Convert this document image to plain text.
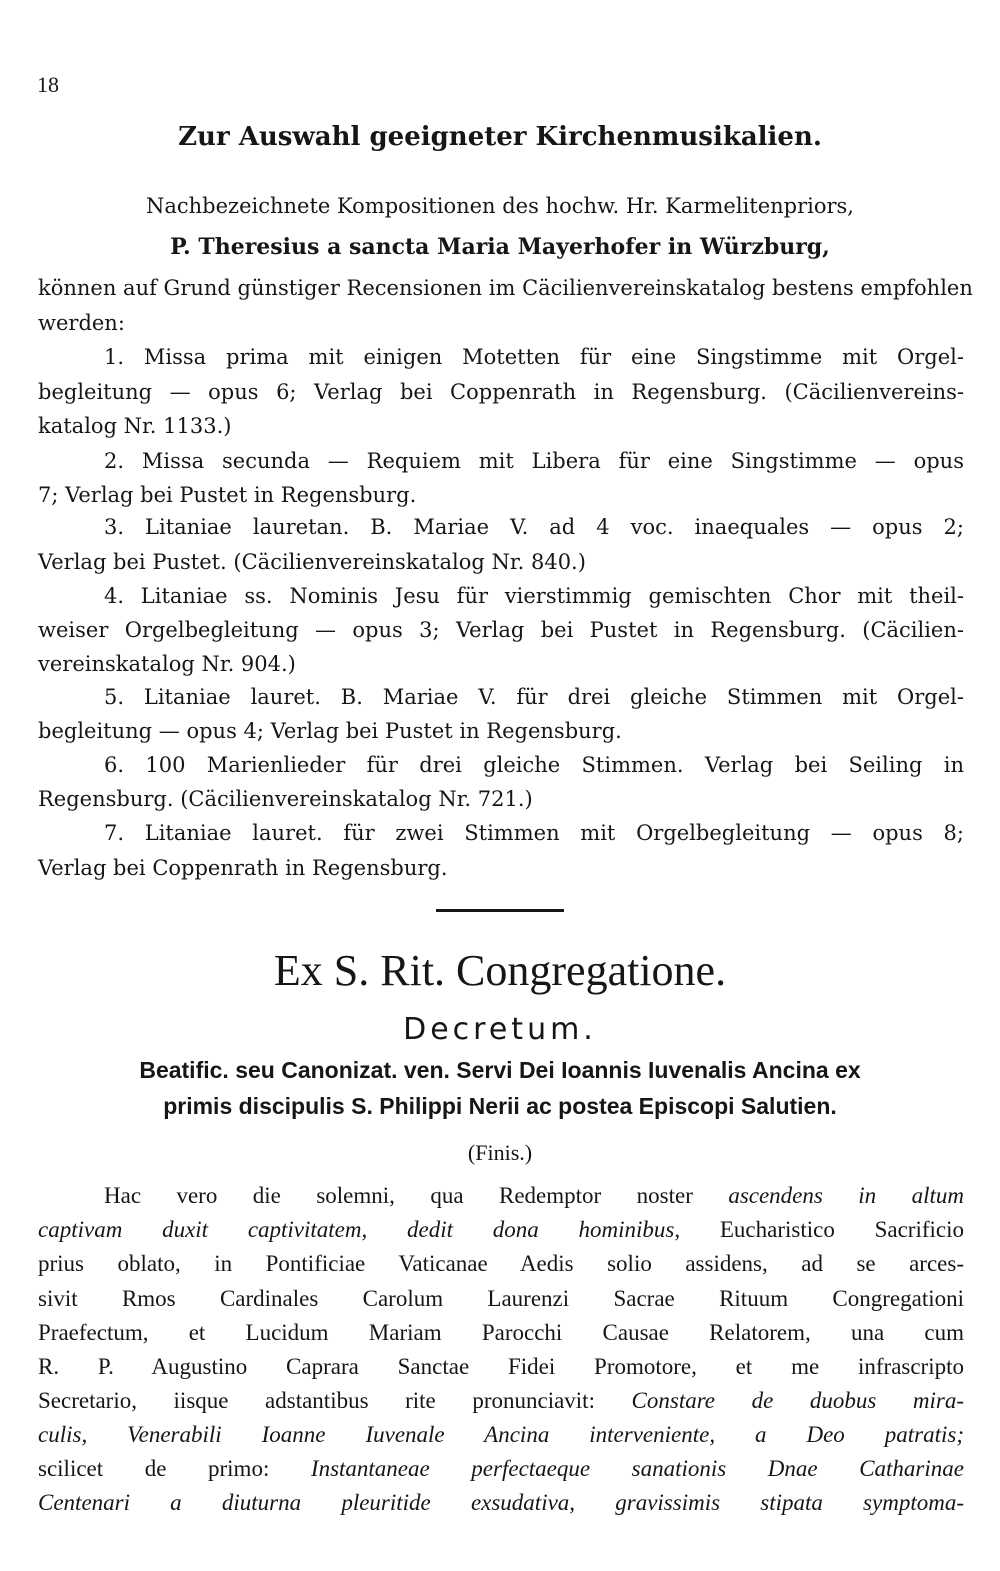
18
Zur Auswahl geeigneter Kirchenmusikalien.
Nachbezeichnete Kompositionen des hochw. Hr. Karmelitenpriors,
P. Theresius a sancta Maria Mayerhofer in Würzburg,
können auf Grund günstiger Recensionen im Cäcilienvereinskatalog bestens empfohlen
werden:
1. Missa prima mit einigen Motetten für eine Singstimme mit Orgel-
begleitung — opus 6; Verlag bei Coppenrath in Regensburg. (Cäcilienvereins-
katalog Nr. 1133.)
2. Missa secunda — Requiem mit Libera für eine Singstimme — opus
7; Verlag bei Pustet in Regensburg.
3. Litaniae lauretan. B. Mariae V. ad 4 voc. inaequales — opus 2;
Verlag bei Pustet. (Cäcilienvereinskatalog Nr. 840.)
4. Litaniae ss. Nominis Jesu für vierstimmig gemischten Chor mit theil-
weiser Orgelbegleitung — opus 3; Verlag bei Pustet in Regensburg. (Cäcilien-
vereinskatalog Nr. 904.)
5. Litaniae lauret. B. Mariae V. für drei gleiche Stimmen mit Orgel-
begleitung — opus 4; Verlag bei Pustet in Regensburg.
6. 100 Marienlieder für drei gleiche Stimmen. Verlag bei Seiling in
Regensburg. (Cäcilienvereinskatalog Nr. 721.)
7. Litaniae lauret. für zwei Stimmen mit Orgelbegleitung — opus 8;
Verlag bei Coppenrath in Regensburg.
Ex S. Rit. Congregatione.
Decretum.
Beatific. seu Canonizat. ven. Servi Dei Ioannis Iuvenalis Ancina ex
primis discipulis S. Philippi Nerii ac postea Episcopi Salutien.
(Finis.)
Hac vero die solemni, qua Redemptor noster ascendens in altum
captivam duxit captivitatem, dedit dona hominibus, Eucharistico Sacrificio
prius oblato, in Pontificiae Vaticanae Aedis solio assidens, ad se arces-
sivit Rmos Cardinales Carolum Laurenzi Sacrae Rituum Congregationi
Praefectum, et Lucidum Mariam Parocchi Causae Relatorem, una cum
R. P. Augustino Caprara Sanctae Fidei Promotore, et me infrascripto
Secretario, iisque adstantibus rite pronunciavit: Constare de duobus mira-
culis, Venerabili Ioanne Iuvenale Ancina interveniente, a Deo patratis;
scilicet de primo: Instantaneae perfectaeque sanationis Dnae Catharinae
Centenari a diuturna pleuritide exsudativa, gravissimis stipata symptoma-
